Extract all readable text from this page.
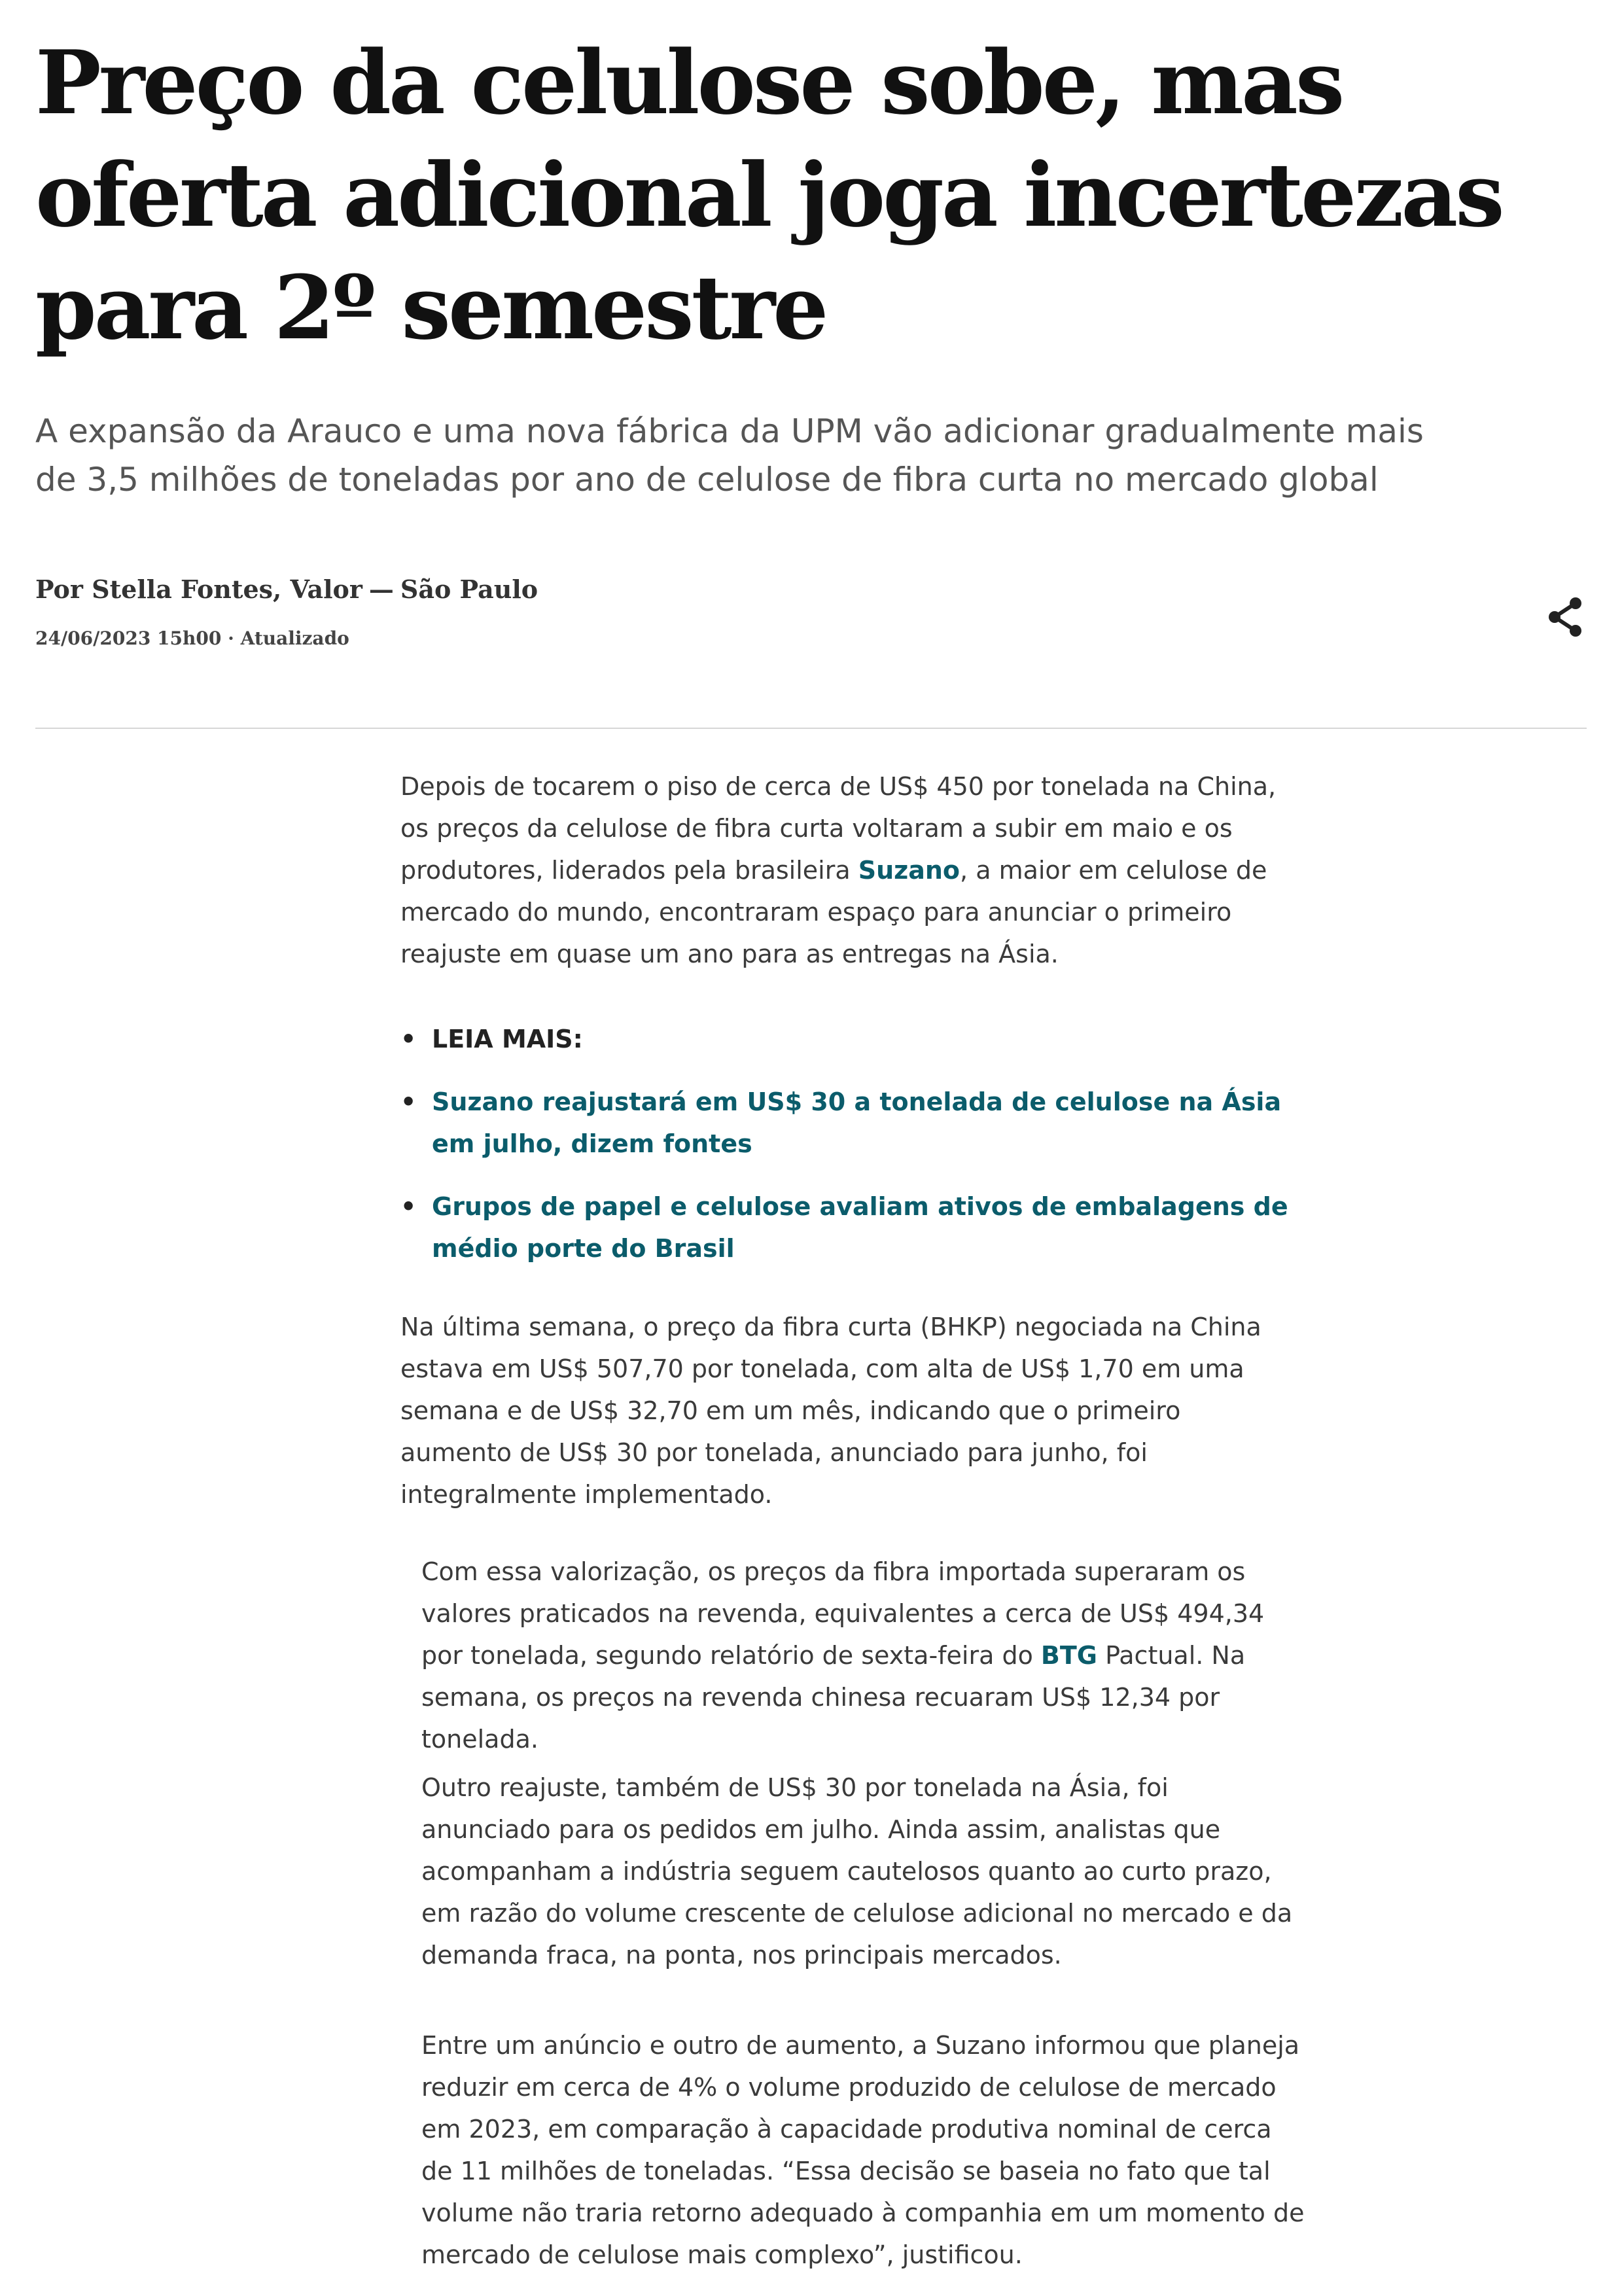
Preço da celulose sobe, mas oferta adicional joga incertezas para 2º semestre

A expansão da Arauco e uma nova fábrica da UPM vão adicionar gradualmente mais de 3,5 milhões de toneladas por ano de celulose de fibra curta no mercado global

Por Stella Fontes, Valor — São Paulo
24/06/2023 15h00 · Atualizado

Depois de tocarem o piso de cerca de US$ 450 por tonelada na China, os preços da celulose de fibra curta voltaram a subir em maio e os produtores, liderados pela brasileira Suzano, a maior em celulose de mercado do mundo, encontraram espaço para anunciar o primeiro reajuste em quase um ano para as entregas na Ásia.

• LEIA MAIS:
• Suzano reajustará em US$ 30 a tonelada de celulose na Ásia em julho, dizem fontes
• Grupos de papel e celulose avaliam ativos de embalagens de médio porte do Brasil

Na última semana, o preço da fibra curta (BHKP) negociada na China estava em US$ 507,70 por tonelada, com alta de US$ 1,70 em uma semana e de US$ 32,70 em um mês, indicando que o primeiro aumento de US$ 30 por tonelada, anunciado para junho, foi integralmente implementado.

Com essa valorização, os preços da fibra importada superaram os valores praticados na revenda, equivalentes a cerca de US$ 494,34 por tonelada, segundo relatório de sexta-feira do BTG Pactual. Na semana, os preços na revenda chinesa recuaram US$ 12,34 por tonelada.

Outro reajuste, também de US$ 30 por tonelada na Ásia, foi anunciado para os pedidos em julho. Ainda assim, analistas que acompanham a indústria seguem cautelosos quanto ao curto prazo, em razão do volume crescente de celulose adicional no mercado e da demanda fraca, na ponta, nos principais mercados.

Entre um anúncio e outro de aumento, a Suzano informou que planeja reduzir em cerca de 4% o volume produzido de celulose de mercado em 2023, em comparação à capacidade produtiva nominal de cerca de 11 milhões de toneladas. “Essa decisão se baseia no fato que tal volume não traria retorno adequado à companhia em um momento de mercado de celulose mais complexo”, justificou.
